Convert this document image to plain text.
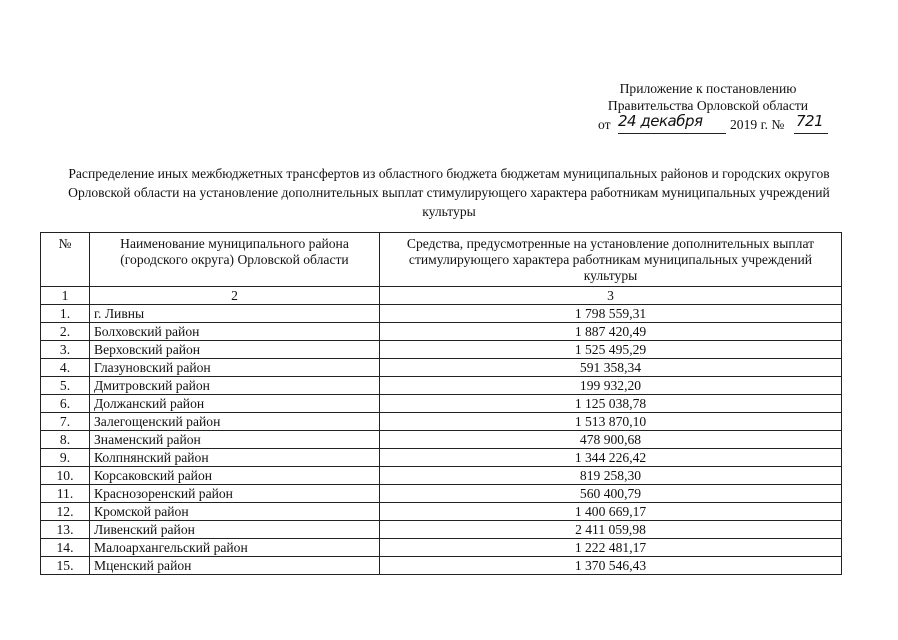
Приложение к постановлению
Правительства Орловской области
от 24 декабря 2019 г. № 721
Распределение иных межбюджетных трансфертов из областного бюджета бюджетам муниципальных районов и городских округов Орловской области на установление дополнительных выплат стимулирующего характера работникам муниципальных учреждений культуры
№	Наименование муниципального района (городского округа) Орловской области	Средства, предусмотренные на установление дополнительных выплат стимулирующего характера работникам муниципальных учреждений культуры
1	2	3
1.	г. Ливны	1 798 559,31
2.	Болховский район	1 887 420,49
3.	Верховский район	1 525 495,29
4.	Глазуновский район	591 358,34
5.	Дмитровский район	199 932,20
6.	Должанский район	1 125 038,78
7.	Залегощенский район	1 513 870,10
8.	Знаменский район	478 900,68
9.	Колпнянский район	1 344 226,42
10.	Корсаковский район	819 258,30
11.	Краснозоренский район	560 400,79
12.	Кромской район	1 400 669,17
13.	Ливенский район	2 411 059,98
14.	Малоархангельский район	1 222 481,17
15.	Мценский район	1 370 546,43
